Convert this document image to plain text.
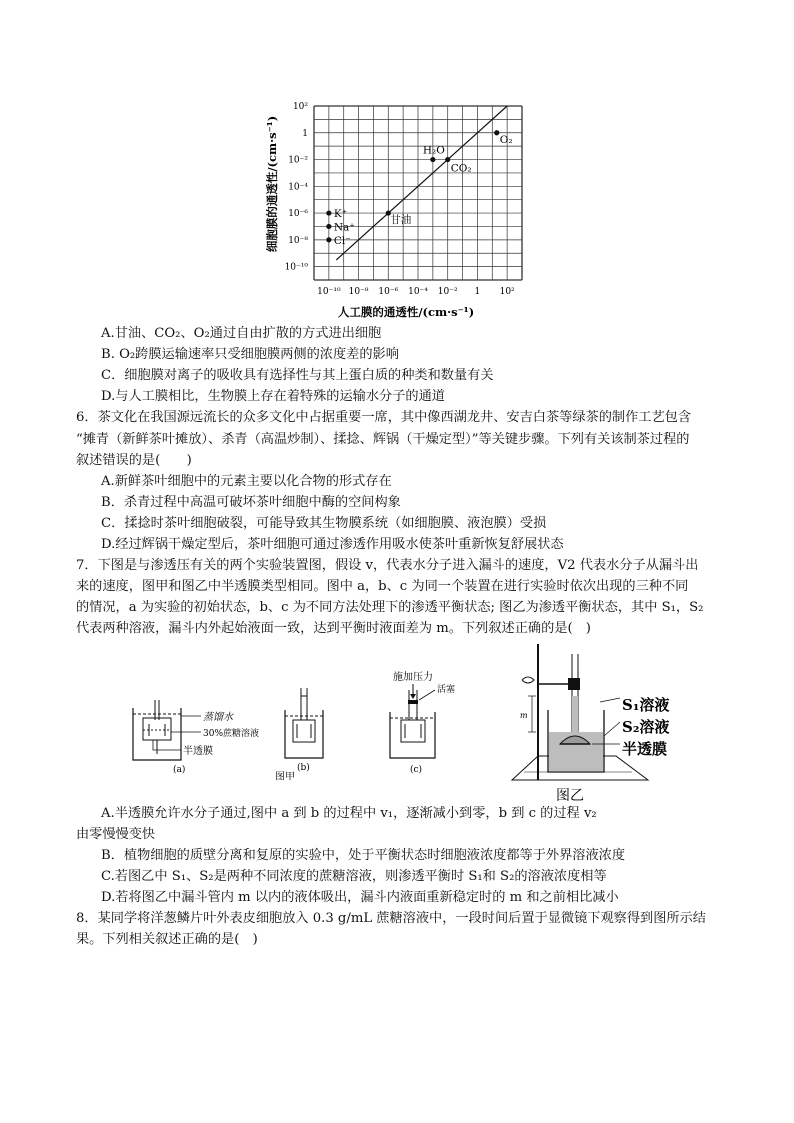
O₂
H₂O
CO₂
甘油
K⁺
Na⁺
Cl⁻
10⁻¹⁰ 10⁻⁸ 10⁻⁶ 10⁻⁴ 10⁻² 1 10²
10²
1
10⁻²
10⁻⁴
10⁻⁶
10⁻⁸
10⁻¹⁰
人工膜的通透性/(cm·s⁻¹)
细胞膜的通透性/(cm·s⁻¹)
A.甘油、CO₂、O₂通过自由扩散的方式进出细胞
B. O₂跨膜运输速率只受细胞膜两侧的浓度差的影响
C．细胞膜对离子的吸收具有选择性与其上蛋白质的种类和数量有关
D.与人工膜相比，生物膜上存在着特殊的运输水分子的通道
6．茶文化在我国源远流长的众多文化中占据重要一席，其中像西湖龙井、安吉白茶等绿茶的制作工艺包含
“摊青（新鲜茶叶摊放）、杀青（高温炒制）、揉捻、辉锅（干燥定型）”等关键步骤。下列有关该制茶过程的
叙述错误的是(　　)
A.新鲜茶叶细胞中的元素主要以化合物的形式存在
B．杀青过程中高温可破坏茶叶细胞中酶的空间构象
C．揉捻时茶叶细胞破裂，可能导致其生物膜系统（如细胞膜、液泡膜）受损
D.经过辉锅干燥定型后，茶叶细胞可通过渗透作用吸水使茶叶重新恢复舒展状态
7．下图是与渗透压有关的两个实验装置图，假设 v，代表水分子进入漏斗的速度，V2 代表水分子从漏斗出
来的速度，图甲和图乙中半透膜类型相同。图中 a，b、c 为同一个装置在进行实验时依次出现的三种不同
的情况，a 为实验的初始状态，b、c 为不同方法处理下的渗透平衡状态; 图乙为渗透平衡状态，其中 S₁，S₂
代表两种溶液，漏斗内外起始液面一致，达到平衡时液面差为 m。下列叙述正确的是(　)
蒸馏水
30%蔗糖溶液
半透膜
(a)
图甲
(b)
施加压力
活塞
(c)
m
S₁溶液
S₂溶液
半透膜
图乙
A.半透膜允许水分子通过,图中 a 到 b 的过程中 v₁，逐渐减小到零，b 到 c 的过程 v₂
由零慢慢变快
B．植物细胞的质壁分离和复原的实验中，处于平衡状态时细胞液浓度都等于外界溶液浓度
C.若图乙中 S₁、S₂是两种不同浓度的蔗糖溶液，则渗透平衡时 S₁和 S₂的溶液浓度相等
D.若将图乙中漏斗管内 m 以内的液体吸出，漏斗内液面重新稳定时的 m 和之前相比减小
8．某同学将洋葱鳞片叶外表皮细胞放入 0.3 g/mL 蔗糖溶液中，一段时间后置于显微镜下观察得到图所示结
果。下列相关叙述正确的是(　)
